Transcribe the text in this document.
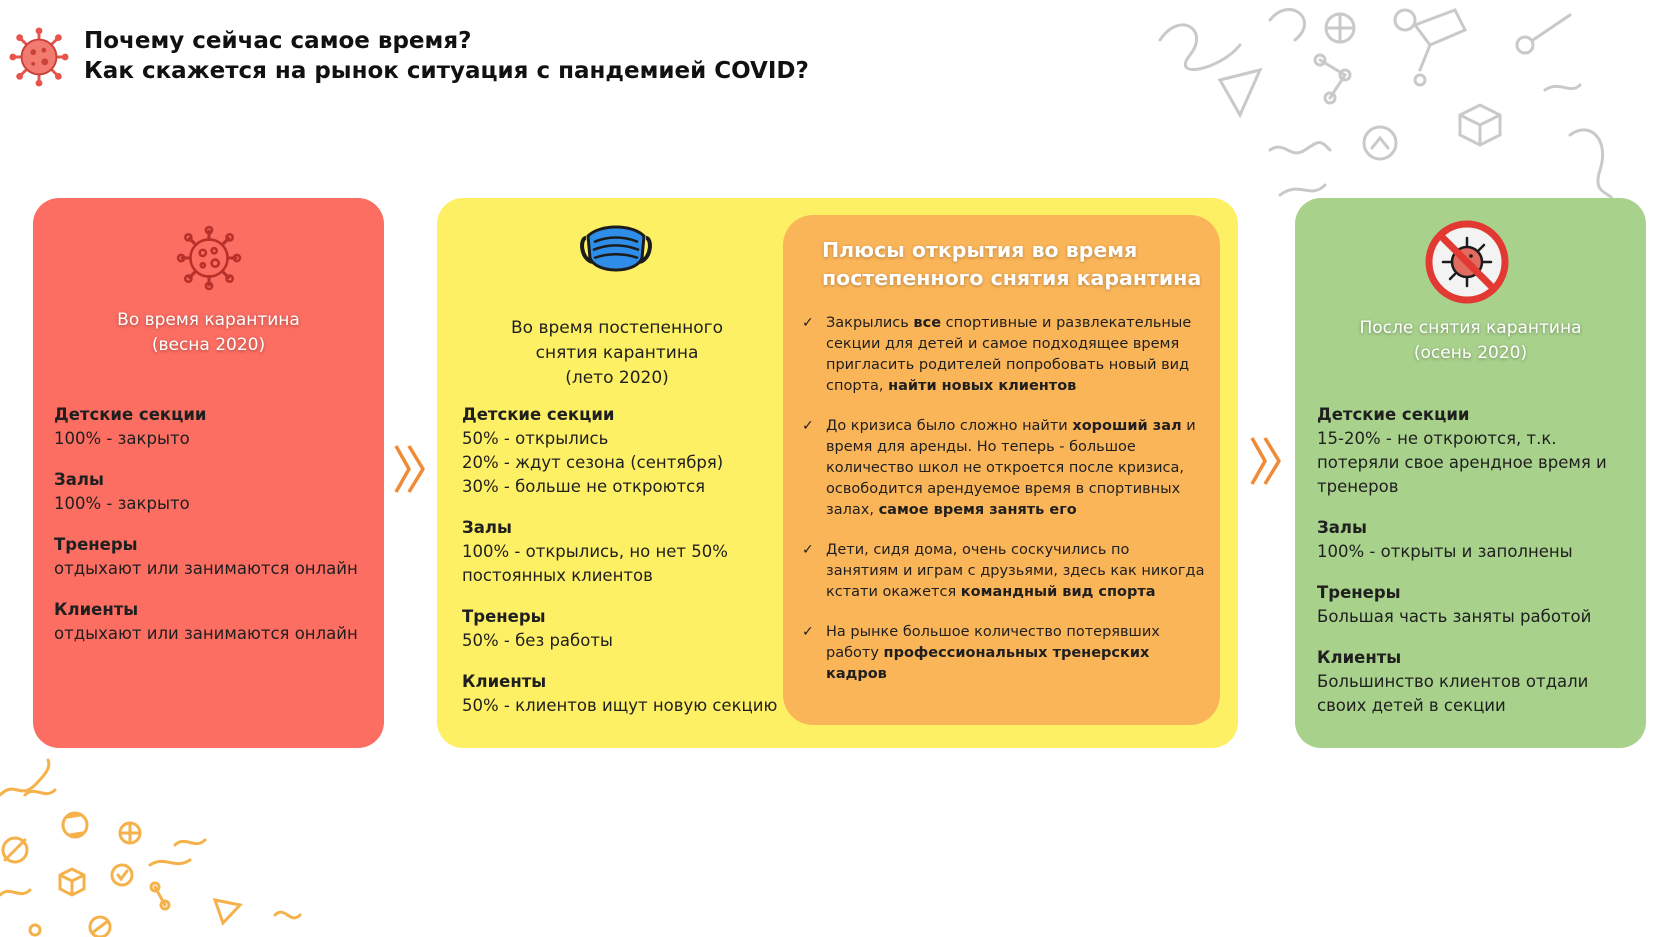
Почему сейчас самое время?
Как скажется на рынок ситуация с пандемией COVID?
Во время карантина
(весна 2020)
Детские секции
100% - закрыто
Залы
100% - закрыто
Тренеры
отдыхают или занимаются онлайн
Клиенты
отдыхают или занимаются онлайн
Во время постепенного
снятия карантина
(лето 2020)
Детские секции
50% - открылись
20% - ждут сезона (сентября)
30% - больше не откроются
Залы
100% - открылись, но нет 50%
постоянных клиентов
Тренеры
50% - без работы
Клиенты
50% - клиентов ищут новую секцию
Плюсы открытия во время
постепенного снятия карантина
✓ Закрылись все спортивные и развлекательные секции для детей и самое подходящее время пригласить родителей попробовать новый вид спорта, найти новых клиентов
✓ До кризиса было сложно найти хороший зал и время для аренды. Но теперь - большое количество школ не откроется после кризиса, освободится арендуемое время в спортивных залах, самое время занять его
✓ Дети, сидя дома, очень соскучились по занятиям и играм с друзьями, здесь как никогда кстати окажется командный вид спорта
✓ На рынке большое количество потерявших работу профессиональных тренерских кадров
После снятия карантина
(осень 2020)
Детские секции
15-20% - не откроются, т.к.
потеряли свое арендное время и
тренеров
Залы
100% - открыты и заполнены
Тренеры
Большая часть заняты работой
Клиенты
Большинство клиентов отдали
своих детей в секции
